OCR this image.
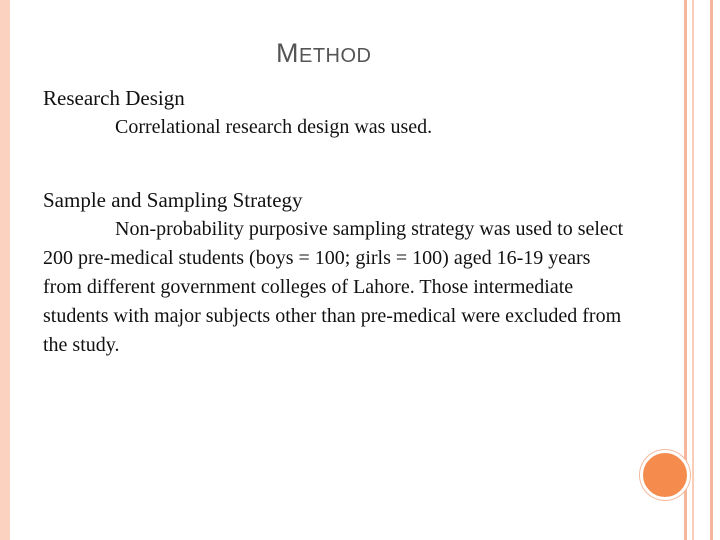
METHOD

Research Design

Correlational research design was used.

Sample and Sampling Strategy

Non-probability purposive sampling strategy was used to select 200 pre-medical students (boys = 100; girls = 100) aged 16-19 years from different government colleges of Lahore. Those intermediate students with major subjects other than pre-medical were excluded from the study.
